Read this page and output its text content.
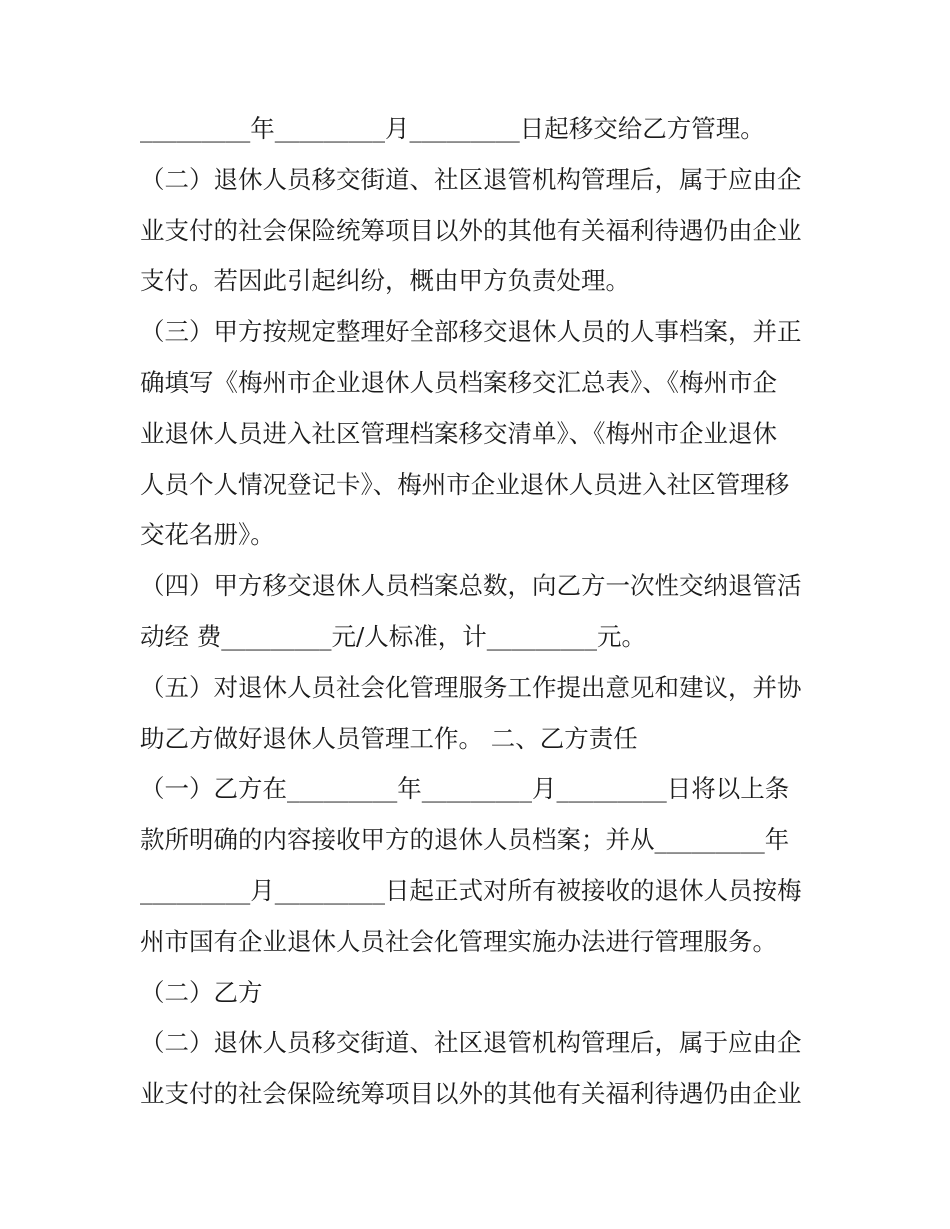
_________年_________月_________日起移交给乙方管理。
（二）退休人员移交街道、社区退管机构管理后，属于应由企
业支付的社会保险统筹项目以外的其他有关福利待遇仍由企业
支付。若因此引起纠纷，概由甲方负责处理。
（三）甲方按规定整理好全部移交退休人员的人事档案，并正
确填写《梅州市企业退休人员档案移交汇总表》、《梅州市企
业退休人员进入社区管理档案移交清单》、《梅州市企业退休
人员个人情况登记卡》、梅州市企业退休人员进入社区管理移
交花名册》。
（四）甲方移交退休人员档案总数，向乙方一次性交纳退管活
动经 费_________元/人标准，计_________元。
（五）对退休人员社会化管理服务工作提出意见和建议，并协
助乙方做好退休人员管理工作。 二、乙方责任
（一）乙方在_________年_________月_________日将以上条
款所明确的内容接收甲方的退休人员档案；并从_________年
_________月_________日起正式对所有被接收的退休人员按梅
州市国有企业退休人员社会化管理实施办法进行管理服务。
（二）乙方
（二）退休人员移交街道、社区退管机构管理后，属于应由企
业支付的社会保险统筹项目以外的其他有关福利待遇仍由企业
